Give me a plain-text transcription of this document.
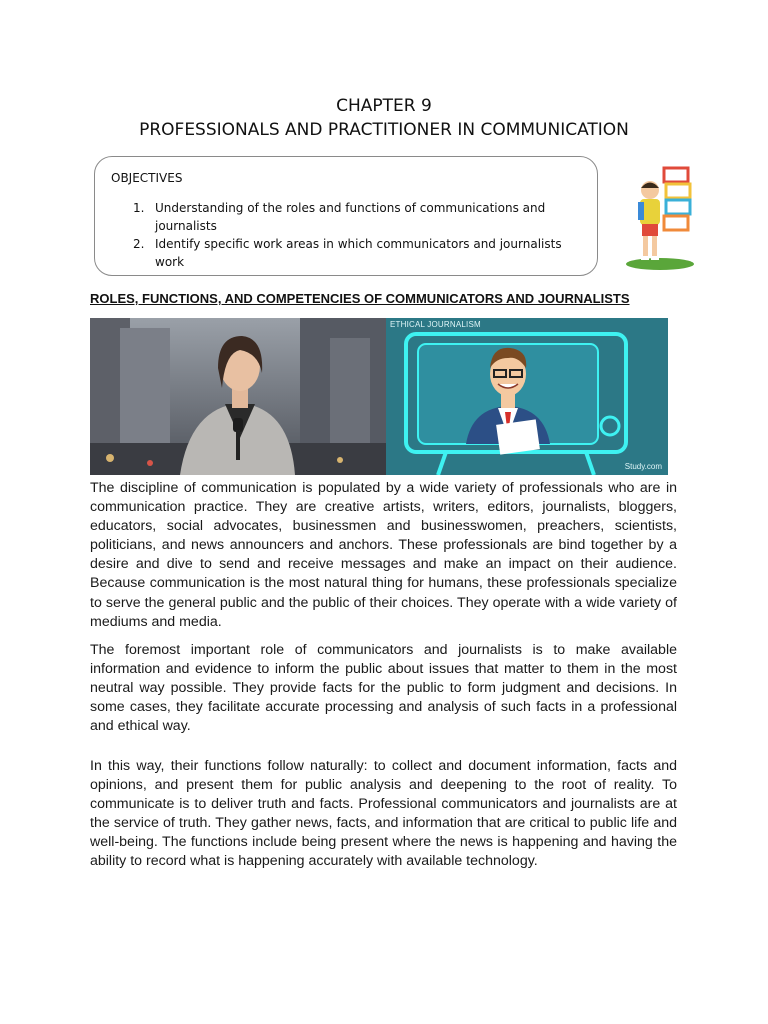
CHAPTER 9
PROFESSIONALS AND PRACTITIONER IN COMMUNICATION
OBJECTIVES
1. Understanding of the roles and functions of communications and journalists
2. Identify specific work areas in which communicators and journalists work
ROLES, FUNCTIONS, AND COMPETENCIES OF COMMUNICATORS AND JOURNALISTS
ETHICAL JOURNALISM
Study.com

The discipline of communication is populated by a wide variety of professionals who are in communication practice. They are creative artists, writers, editors, journalists, bloggers, educators, social advocates, businessmen and businesswomen, preachers, scientists, politicians, and news announcers and anchors. These professionals are bind together by a desire and dive to send and receive messages and make an impact on their audience. Because communication is the most natural thing for humans, these professionals specialize to serve the general public and the public of their choices. They operate with a wide variety of mediums and media.

The foremost important role of communicators and journalists is to make available information and evidence to inform the public about issues that matter to them in the most neutral way possible. They provide facts for the public to form judgment and decisions. In some cases, they facilitate accurate processing and analysis of such facts in a professional and ethical way.

In this way, their functions follow naturally: to collect and document information, facts and opinions, and present them for public analysis and deepening to the root of reality. To communicate is to deliver truth and facts. Professional communicators and journalists are at the service of truth. They gather news, facts, and information that are critical to public life and well-being. The functions include being present where the news is happening and having the ability to record what is happening accurately with available technology.
